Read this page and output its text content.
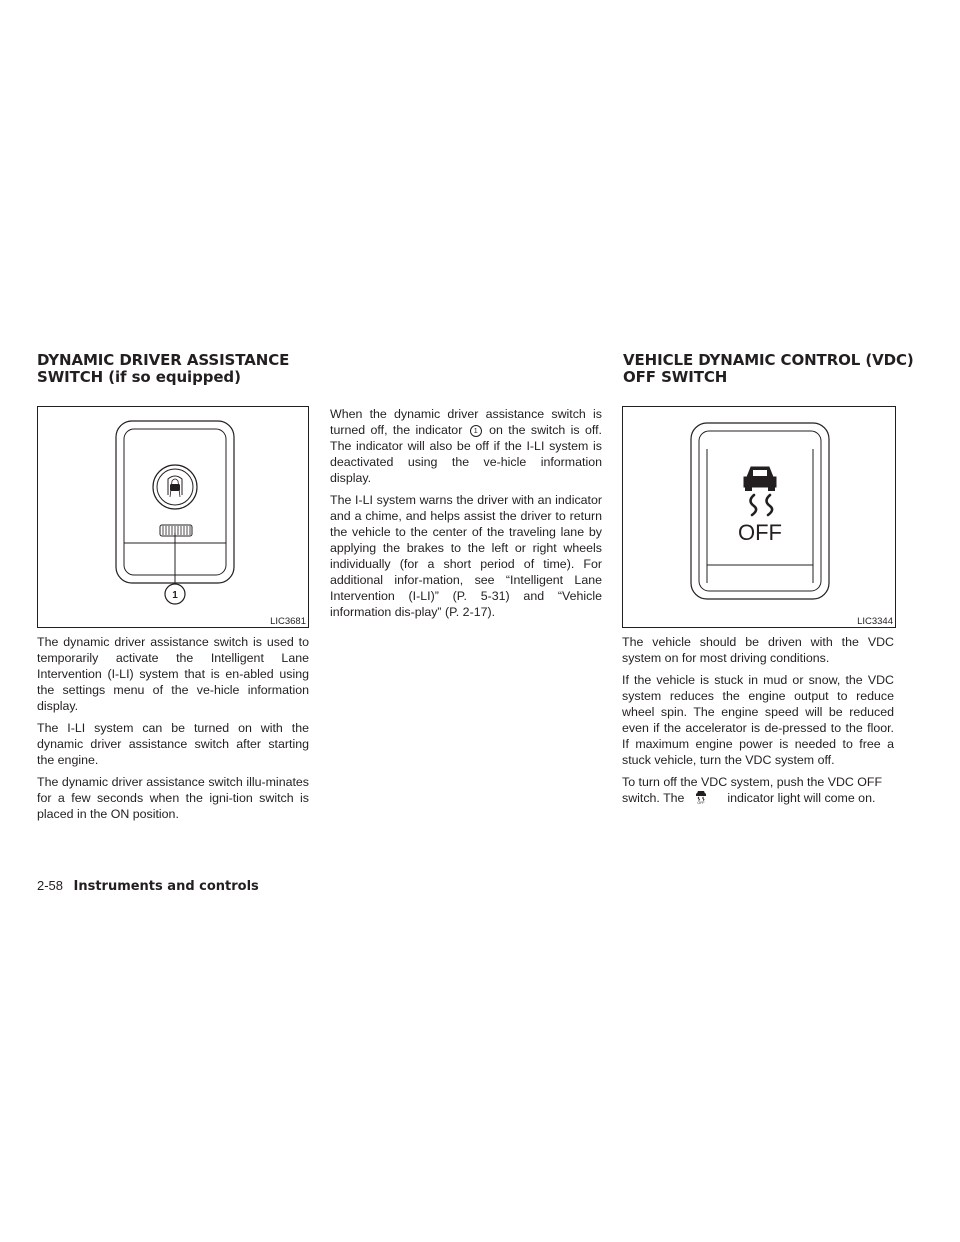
DYNAMIC DRIVER ASSISTANCE
SWITCH (if so equipped)
VEHICLE DYNAMIC CONTROL (VDC)
OFF SWITCH
1
LIC3681
OFF
LIC3344

The dynamic driver assistance switch is used to temporarily activate the Intelligent Lane Intervention (I-LI) system that is en-abled using the settings menu of the ve-hicle information display.

The I-LI system can be turned on with the dynamic driver assistance switch after starting the engine.

The dynamic driver assistance switch illu-minates for a few seconds when the igni-tion switch is placed in the ON position.

When the dynamic driver assistance switch is turned off, the indicator 1 on the switch is off. The indicator will also be off if the I-LI system is deactivated using the ve-hicle information display.

The I-LI system warns the driver with an indicator and a chime, and helps assist the driver to return the vehicle to the center of the traveling lane by applying the brakes to the left or right wheels individually (for a short period of time). For additional infor-mation, see “Intelligent Lane Intervention (I-LI)” (P. 5-31) and “Vehicle information dis-play” (P. 2-17).

The vehicle should be driven with the VDC system on for most driving conditions.

If the vehicle is stuck in mud or snow, the VDC system reduces the engine output to reduce wheel spin. The engine speed will be reduced even if the accelerator is de-pressed to the floor. If maximum engine power is needed to free a stuck vehicle, turn the VDC system off.

To turn off the VDC system, push the VDC OFF switch. The	OFF indicator light will come on.

2-58 Instruments and controls
